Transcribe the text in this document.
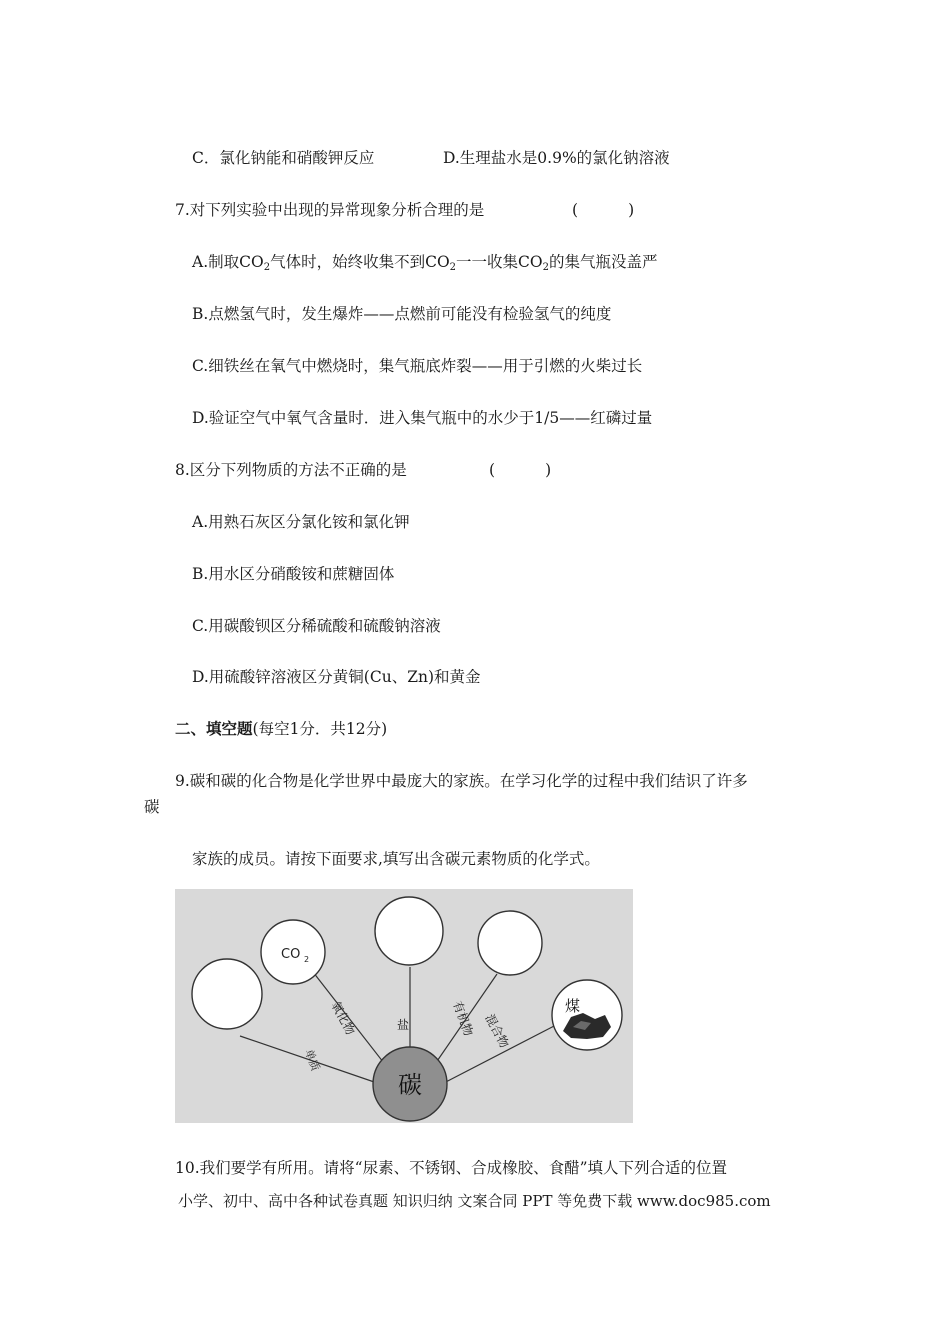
C．氯化钠能和硝酸钾反应	D.生理盐水是0.9%的氯化钠溶液
7.对下列实验中出现的异常现象分析合理的是	(	)
A.制取$CO_2$气体时，始终收集不到$CO_2$一一收集$CO_2$的集气瓶没盖严
B.点燃氢气时，发生爆炸——点燃前可能没有检验氢气的纯度
C.细铁丝在氧气中燃烧时，集气瓶底炸裂——用于引燃的火柴过长
D.验证空气中氧气含量时．进入集气瓶中的水少于1/5——红磷过量
8.区分下列物质的方法不正确的是	(	)
A.用熟石灰区分氯化铵和氯化钾
B.用水区分硝酸铵和蔗糖固体
C.用碳酸钡区分稀硫酸和硫酸钠溶液
D.用硫酸锌溶液区分黄铜(Cu、Zn)和黄金
二、填空题(每空1分．共12分)
9.碳和碳的化合物是化学世界中最庞大的家族。在学习化学的过程中我们结识了许多
碳
家族的成员。请按下面要求,填写出含碳元素物质的化学式。
碳
CO 2
煤
单质
氧化物	盐	有机物 混合物
10.我们要学有所用。请将“尿素、不锈钢、合成橡胶、食醋”填人下列合适的位置
小学、初中、高中各种试卷真题 知识归纳 文案合同 PPT 等免费下载 www.doc985.com
